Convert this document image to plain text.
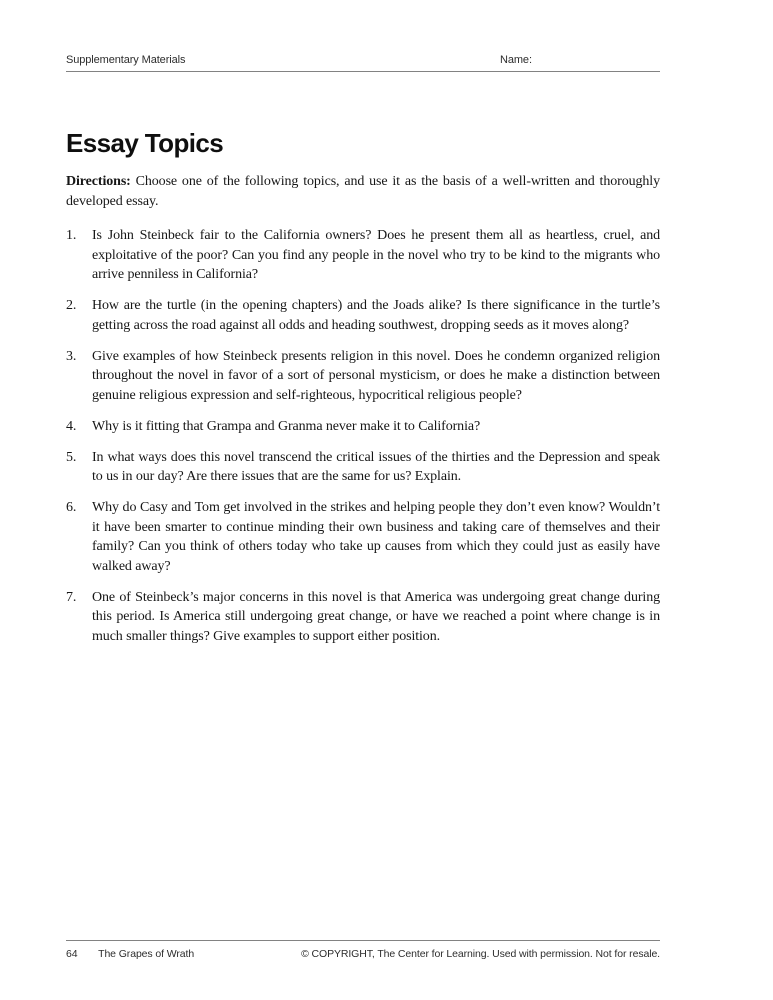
Supplementary Materials	Name:
Essay Topics

Directions: Choose one of the following topics, and use it as the basis of a well-written and thoroughly developed essay.

1.	Is John Steinbeck fair to the California owners? Does he present them all as heartless, cruel, and exploitative of the poor? Can you find any people in the novel who try to be kind to the migrants who arrive penniless in California?
2.	How are the turtle (in the opening chapters) and the Joads alike? Is there significance in the turtle’s getting across the road against all odds and heading southwest, dropping seeds as it moves along?
3.	Give examples of how Steinbeck presents religion in this novel. Does he condemn organized religion throughout the novel in favor of a sort of personal mysticism, or does he make a distinction between genuine religious expression and self-righteous, hypocritical religious people?
4.	Why is it fitting that Grampa and Granma never make it to California?
5.	In what ways does this novel transcend the critical issues of the thirties and the Depression and speak to us in our day? Are there issues that are the same for us? Explain.
6.	Why do Casy and Tom get involved in the strikes and helping people they don’t even know? Wouldn’t it have been smarter to continue minding their own business and taking care of themselves and their family? Can you think of others today who take up causes from which they could just as easily have walked away?
7.	One of Steinbeck’s major concerns in this novel is that America was undergoing great change during this period. Is America still undergoing great change, or have we reached a point where change is in much smaller things? Give examples to support either position.
64 The Grapes of Wrath	© COPYRIGHT, The Center for Learning. Used with permission. Not for resale.
